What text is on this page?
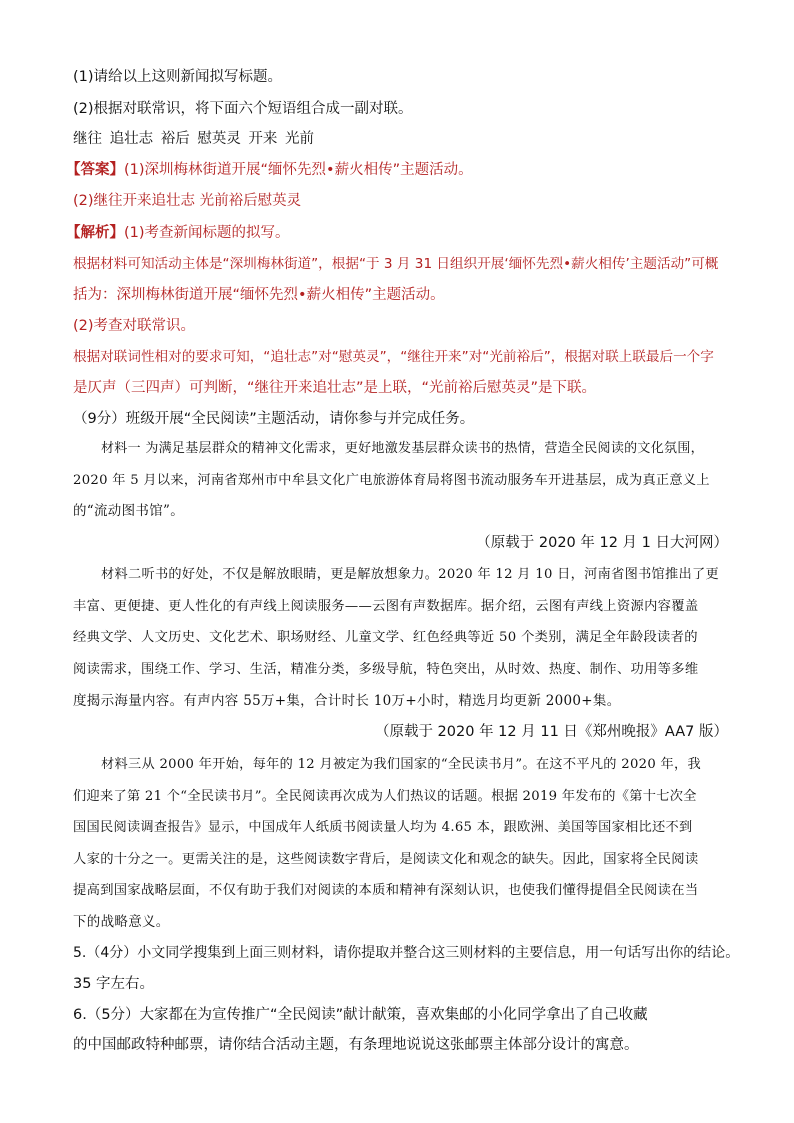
(1)请给以上这则新闻拟写标题。
(2)根据对联常识，将下面六个短语组合成一副对联。
继往 追壮志 裕后 慰英灵 开来 光前
【答案】(1)深圳梅林街道开展“缅怀先烈•薪火相传”主题活动。
(2)继往开来追壮志 光前裕后慰英灵
【解析】(1)考查新闻标题的拟写。
根据材料可知活动主体是“深圳梅林街道”，根据“于 3 月 31 日组织开展‘缅怀先烈•薪火相传’主题活动”可概
括为：深圳梅林街道开展“缅怀先烈•薪火相传”主题活动。
(2)考查对联常识。
根据对联词性相对的要求可知，“追壮志”对“慰英灵”，“继往开来”对“光前裕后”，根据对联上联最后一个字
是仄声（三四声）可判断，“继往开来追壮志”是上联，“光前裕后慰英灵”是下联。
（9分）班级开展“全民阅读”主题活动，请你参与并完成任务。
材料一 为满足基层群众的精神文化需求，更好地激发基层群众读书的热情，营造全民阅读的文化氛围，
2020 年 5 月以来，河南省郑州市中牟县文化广电旅游体育局将图书流动服务车开进基层，成为真正意义上
的“流动图书馆”。
（原载于 2020 年 12 月 1 日大河网）
材料二听书的好处，不仅是解放眼睛，更是解放想象力。2020 年 12 月 10 日，河南省图书馆推出了更
丰富、更便捷、更人性化的有声线上阅读服务——云图有声数据库。据介绍，云图有声线上资源内容覆盖
经典文学、人文历史、文化艺术、职场财经、儿童文学、红色经典等近 50 个类别，满足全年龄段读者的
阅读需求，围绕工作、学习、生活，精准分类，多级导航，特色突出，从时效、热度、制作、功用等多维
度揭示海量内容。有声内容 55万+集，合计时长 10万+小时，精选月均更新 2000+集。
（原载于 2020 年 12 月 11 日《郑州晚报》AA7 版）
材料三从 2000 年开始，每年的 12 月被定为我们国家的“全民读书月”。在这不平凡的 2020 年，我
们迎来了第 21 个“全民读书月”。全民阅读再次成为人们热议的话题。根据 2019 年发布的《第十七次全
国国民阅读调查报告》显示，中国成年人纸质书阅读量人均为 4.65 本，跟欧洲、美国等国家相比还不到
人家的十分之一。更需关注的是，这些阅读数字背后，是阅读文化和观念的缺失。因此，国家将全民阅读
提高到国家战略层面，不仅有助于我们对阅读的本质和精神有深刻认识，也使我们懂得提倡全民阅读在当
下的战略意义。
5.（4分）小文同学搜集到上面三则材料，请你提取并整合这三则材料的主要信息，用一句话写出你的结论。
35 字左右。
6.（5分）大家都在为宣传推广“全民阅读”献计献策，喜欢集邮的小化同学拿出了自己收藏
的中国邮政特种邮票，请你结合活动主题，有条理地说说这张邮票主体部分设计的寓意。
